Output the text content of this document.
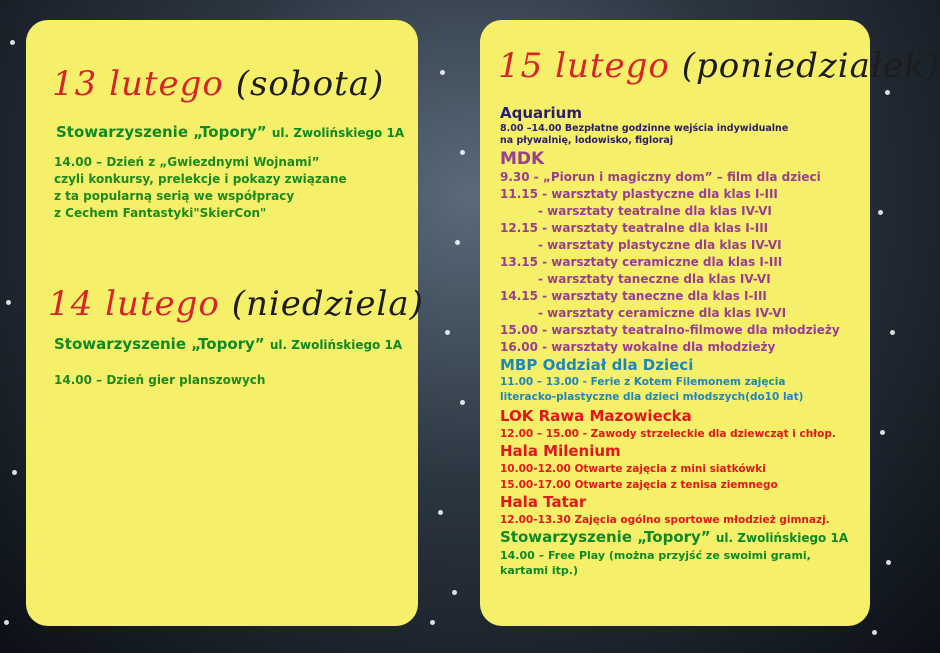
13 lutego (sobota)
Stowarzyszenie „Topory” ul. Zwolińskiego 1A
14.00 – Dzień z „Gwiezdnymi Wojnami”
czyli konkursy, prelekcje i pokazy związane
z ta popularną serią we współpracy
z Cechem Fantastyki"SkierCon"
14 lutego (niedziela)
Stowarzyszenie „Topory” ul. Zwolińskiego 1A
14.00 – Dzień gier planszowych
15 lutego (poniedziałek)
Aquarium
8.00 –14.00 Bezpłatne godzinne wejścia indywidualne
na pływalnię, lodowisko, figloraj
MDK
9.30 - „Piorun i magiczny dom” – film dla dzieci
11.15 - warsztaty plastyczne dla klas I-III
- warsztaty teatralne dla klas IV-VI
12.15 - warsztaty teatralne dla klas I-III
- warsztaty plastyczne dla klas IV-VI
13.15 - warsztaty ceramiczne dla klas I-III
- warsztaty taneczne dla klas IV-VI
14.15 - warsztaty taneczne dla klas I-III
- warsztaty ceramiczne dla klas IV-VI
15.00 - warsztaty teatralno-filmowe dla młodzieży
16.00 - warsztaty wokalne dla młodzieży
MBP Oddział dla Dzieci
11.00 – 13.00 - Ferie z Kotem Filemonem zajęcia
literacko-plastyczne dla dzieci młodszych(do10 lat)
LOK Rawa Mazowiecka
12.00 – 15.00 - Zawody strzeleckie dla dziewcząt i chłop.
Hala Milenium
10.00-12.00 Otwarte zajęcia z mini siatkówki
15.00-17.00 Otwarte zajęcia z tenisa ziemnego
Hala Tatar
12.00-13.30 Zajęcia ogólno sportowe młodzież gimnazj.
Stowarzyszenie „Topory” ul. Zwolińskiego 1A
14.00 – Free Play (można przyjść ze swoimi grami,
kartami itp.)
